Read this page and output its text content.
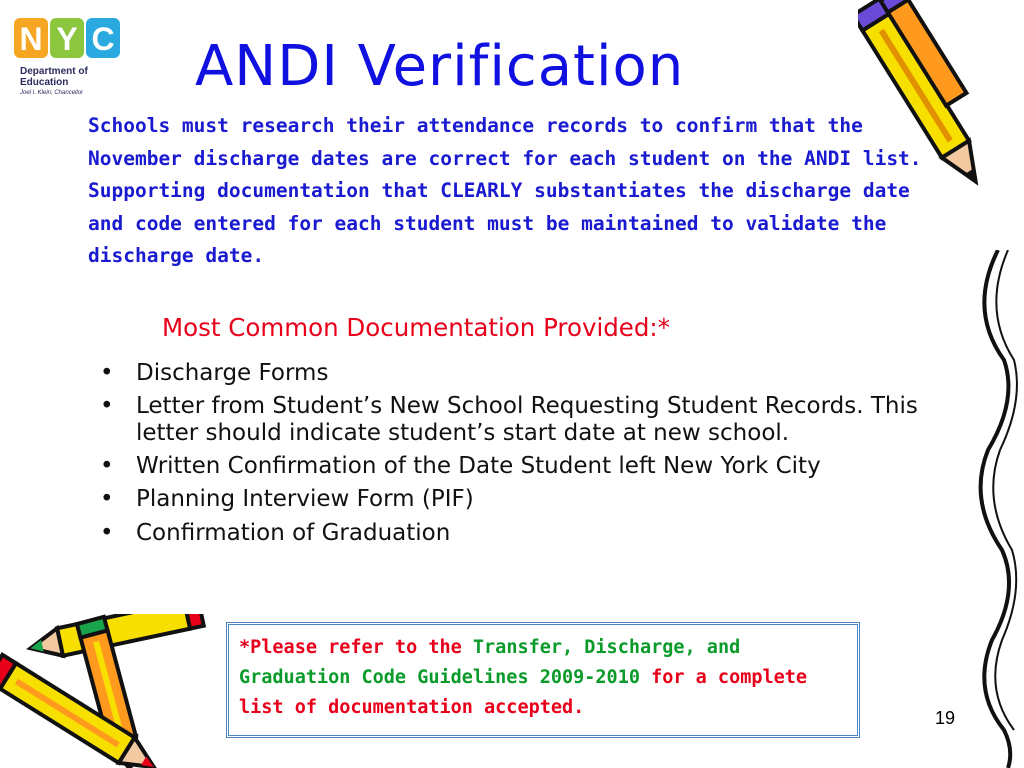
N Y C
Department of
Education
Joel I. Klein, Chancellor ANDI Verification
Schools must research their attendance records to confirm that the November discharge dates are correct for each student on the ANDI list. Supporting documentation that CLEARLY substantiates the discharge date and code entered for each student must be maintained to validate the discharge date.
Most Common Documentation Provided:*
• Discharge Forms
• Letter from Student’s New School Requesting Student Records. This letter should indicate student’s start date at new school.
• Written Confirmation of the Date Student left New York City
• Planning Interview Form (PIF)
• Confirmation of Graduation
*Please refer to the Transfer, Discharge, and Graduation Code Guidelines 2009-2010 for a complete list of documentation accepted.	19
